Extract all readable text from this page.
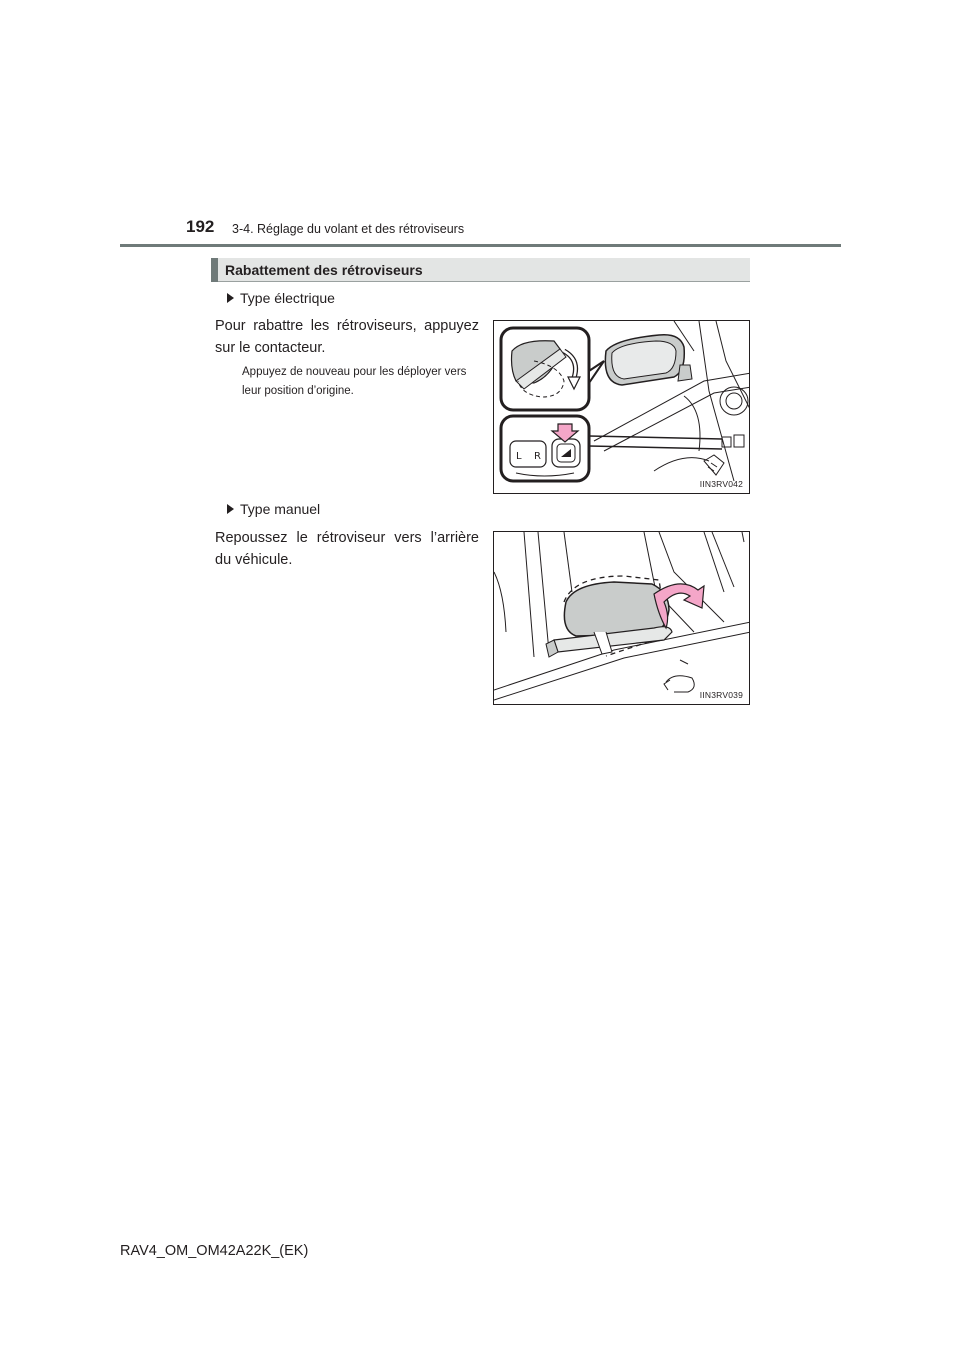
192 3-4. Réglage du volant et des rétroviseurs
Rabattement des rétroviseurs
Type électrique
Pour rabattre les rétroviseurs, appuyez sur le contacteur.
Appuyez de nouveau pour les déployer vers leur position d’origine.
L R
IIN3RV042
Type manuel
Repoussez le rétroviseur vers l’arrière du véhicule.
IIN3RV039
RAV4_OM_OM42A22K_(EK)
